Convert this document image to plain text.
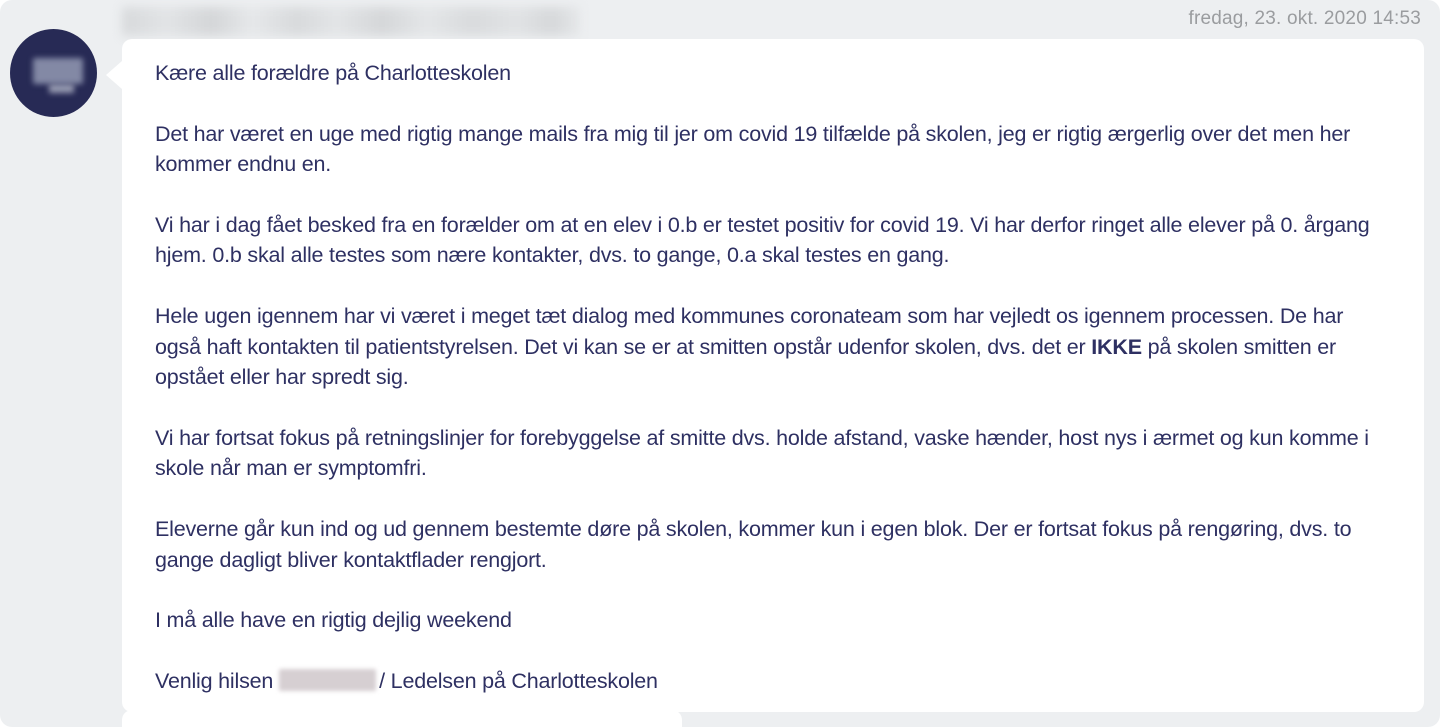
fredag, 23. okt. 2020 14:53

Kære alle forældre på Charlotteskolen

Det har været en uge med rigtig mange mails fra mig til jer om covid 19 tilfælde på skolen, jeg er rigtig ærgerlig over det men her kommer endnu en.

Vi har i dag fået besked fra en forælder om at en elev i 0.b er testet positiv for covid 19. Vi har derfor ringet alle elever på 0. årgang hjem. 0.b skal alle testes som nære kontakter, dvs. to gange, 0.a skal testes en gang.

Hele ugen igennem har vi været i meget tæt dialog med kommunes coronateam som har vejledt os igennem processen. De har også haft kontakten til patientstyrelsen. Det vi kan se er at smitten opstår udenfor skolen, dvs. det er IKKE på skolen smitten er opstået eller har spredt sig.

Vi har fortsat fokus på retningslinjer for forebyggelse af smitte dvs. holde afstand, vaske hænder, host nys i ærmet og kun komme i skole når man er symptomfri.

Eleverne går kun ind og ud gennem bestemte døre på skolen, kommer kun i egen blok. Der er fortsat fokus på rengøring, dvs. to gange dagligt bliver kontaktflader rengjort.

I må alle have en rigtig dejlig weekend

Venlig hilsen	/ Ledelsen på Charlotteskolen
